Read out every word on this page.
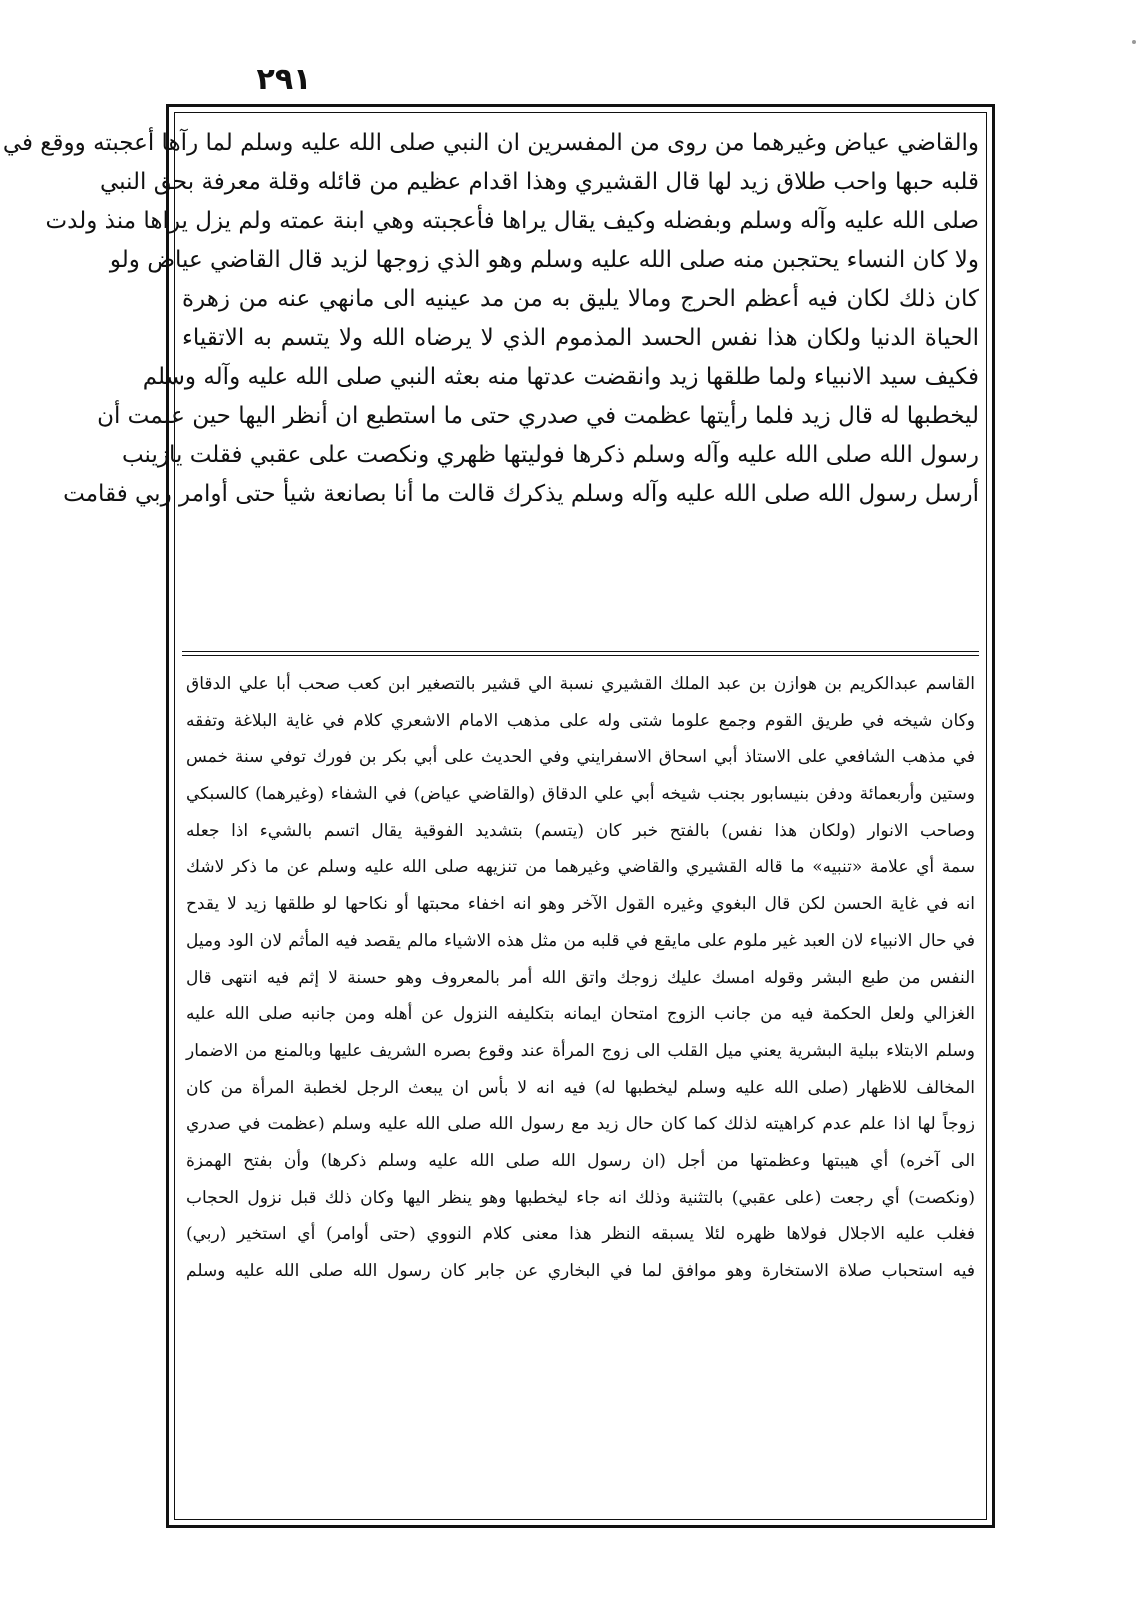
٢٩١
والقاضي عياض وغيرهما من روى من المفسرين ان النبي صلى الله عليه وسلم لما رآها أعجبته ووقع في
قلبه حبها واحب طلاق زيد لها قال القشيري وهذا اقدام عظيم من قائله وقلة معرفة بحق النبي
صلى الله عليه وآله وسلم وبفضله وكيف يقال يراها فأعجبته وهي ابنة عمته ولم يزل يراها منذ ولدت
ولا كان النساء يحتجبن منه صلى الله عليه وسلم وهو الذي زوجها لزيد قال القاضي عياض ولو
كان ذلك لكان فيه أعظم الحرج ومالا يليق به من مد عينيه الى مانهي عنه من زهرة
الحياة الدنيا ولكان هذا نفس الحسد المذموم الذي لا يرضاه الله ولا يتسم به الاتقياء
فكيف سيد الانبياء ولما طلقها زيد وانقضت عدتها منه بعثه النبي صلى الله عليه وآله وسلم
ليخطبها له قال زيد فلما رأيتها عظمت في صدري حتى ما استطيع ان أنظر اليها حين علمت أن
رسول الله صلى الله عليه وآله وسلم ذكرها فوليتها ظهري ونكصت على عقبي فقلت يازينب
أرسل رسول الله صلى الله عليه وآله وسلم يذكرك قالت ما أنا بصانعة شيأ حتى أوامر ربي فقامت
القاسم عبدالكريم بن هوازن بن عبد الملك القشيري نسبة الي قشير بالتصغير ابن كعب صحب أبا علي الدقاق
وكان شيخه في طريق القوم وجمع علوما شتى وله على مذهب الامام الاشعري كلام في غاية البلاغة وتفقه
في مذهب الشافعي على الاستاذ أبي اسحاق الاسفرايني وفي الحديث على أبي بكر بن فورك توفي سنة خمس
وستين وأربعمائة ودفن بنيسابور بجنب شيخه أبي علي الدقاق (والقاضي عياض) في الشفاء (وغيرهما) كالسبكي
وصاحب الانوار (ولكان هذا نفس) بالفتح خبر كان (يتسم) بتشديد الفوقية يقال اتسم بالشيء اذا جعله
سمة أي علامة «تنبيه» ما قاله القشيري والقاضي وغيرهما من تنزيهه صلى الله عليه وسلم عن ما ذكر لاشك
انه في غاية الحسن لكن قال البغوي وغيره القول الآخر وهو انه اخفاء محبتها أو نكاحها لو طلقها زيد لا يقدح
في حال الانبياء لان العبد غير ملوم على مايقع في قلبه من مثل هذه الاشياء مالم يقصد فيه المأثم لان الود وميل
النفس من طبع البشر وقوله امسك عليك زوجك واتق الله أمر بالمعروف وهو حسنة لا إثم فيه انتهى قال
الغزالي ولعل الحكمة فيه من جانب الزوج امتحان ايمانه بتكليفه النزول عن أهله ومن جانبه صلى الله عليه
وسلم الابتلاء ببلية البشرية يعني ميل القلب الى زوج المرأة عند وقوع بصره الشريف عليها وبالمنع من الاضمار
المخالف للاظهار (صلى الله عليه وسلم ليخطبها له) فيه انه لا بأس ان يبعث الرجل لخطبة المرأة من كان
زوجاً لها اذا علم عدم كراهيته لذلك كما كان حال زيد مع رسول الله صلى الله عليه وسلم (عظمت في صدري
الى آخره) أي هيبتها وعظمتها من أجل (ان رسول الله صلى الله عليه وسلم ذكرها) وأن بفتح الهمزة
(ونكصت) أي رجعت (على عقبي) بالتثنية وذلك انه جاء ليخطبها وهو ينظر اليها وكان ذلك قبل نزول الحجاب
فغلب عليه الاجلال فولاها ظهره لئلا يسبقه النظر هذا معنى كلام النووي (حتى أوامر) أي استخير (ربي)
فيه استحباب صلاة الاستخارة وهو موافق لما في البخاري عن جابر كان رسول الله صلى الله عليه وسلم
